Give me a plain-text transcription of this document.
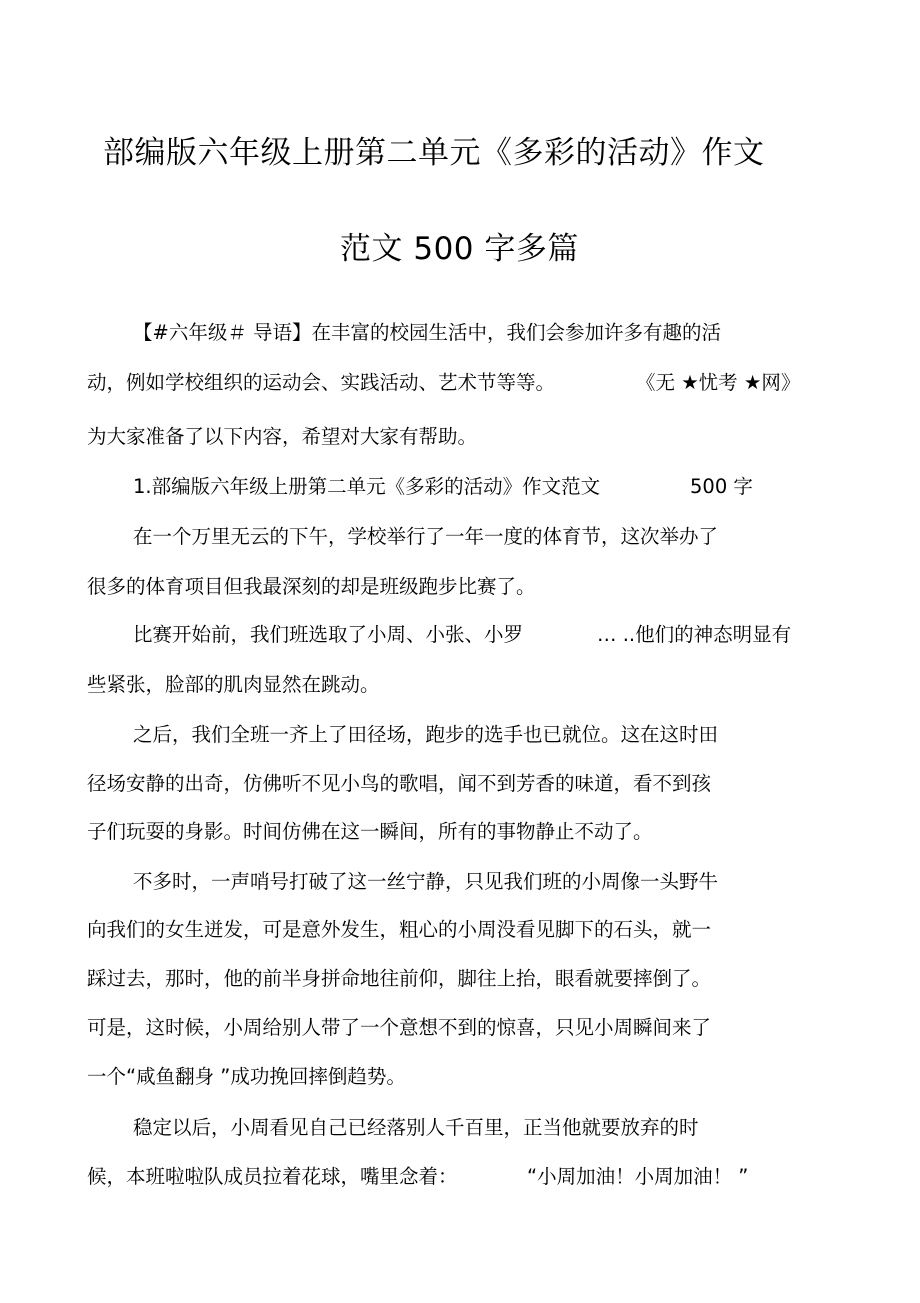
部编版六年级上册第二单元《多彩的活动》作文
范文 500 字多篇
【#六年级＃ 导语】在丰富的校园生活中，我们会参加许多有趣的活
动，例如学校组织的运动会、实践活动、艺术节等等。	《无 ★忧考 ★网》
为大家准备了以下内容，希望对大家有帮助。
1.部编版六年级上册第二单元《多彩的活动》作文范文	500 字
在一个万里无云的下午，学校举行了一年一度的体育节，这次举办了
很多的体育项目但我最深刻的却是班级跑步比赛了。
比赛开始前，我们班选取了小周、小张、小罗	… ..他们的神态明显有
些紧张，脸部的肌肉显然在跳动。
之后，我们全班一齐上了田径场，跑步的选手也已就位。这在这时田
径场安静的出奇，仿佛听不见小鸟的歌唱，闻不到芳香的味道，看不到孩
子们玩耍的身影。时间仿佛在这一瞬间，所有的事物静止不动了。
不多时，一声哨号打破了这一丝宁静，只见我们班的小周像一头野牛
向我们的女生迸发，可是意外发生，粗心的小周没看见脚下的石头，就一
踩过去，那时，他的前半身拼命地往前仰，脚往上抬，眼看就要摔倒了。
可是，这时候，小周给别人带了一个意想不到的惊喜，只见小周瞬间来了
一个“咸鱼翻身 ”成功挽回摔倒趋势。
稳定以后，小周看见自己已经落别人千百里，正当他就要放弃的时
候，本班啦啦队成员拉着花球，嘴里念着：	“小周加油！小周加油！ ”
